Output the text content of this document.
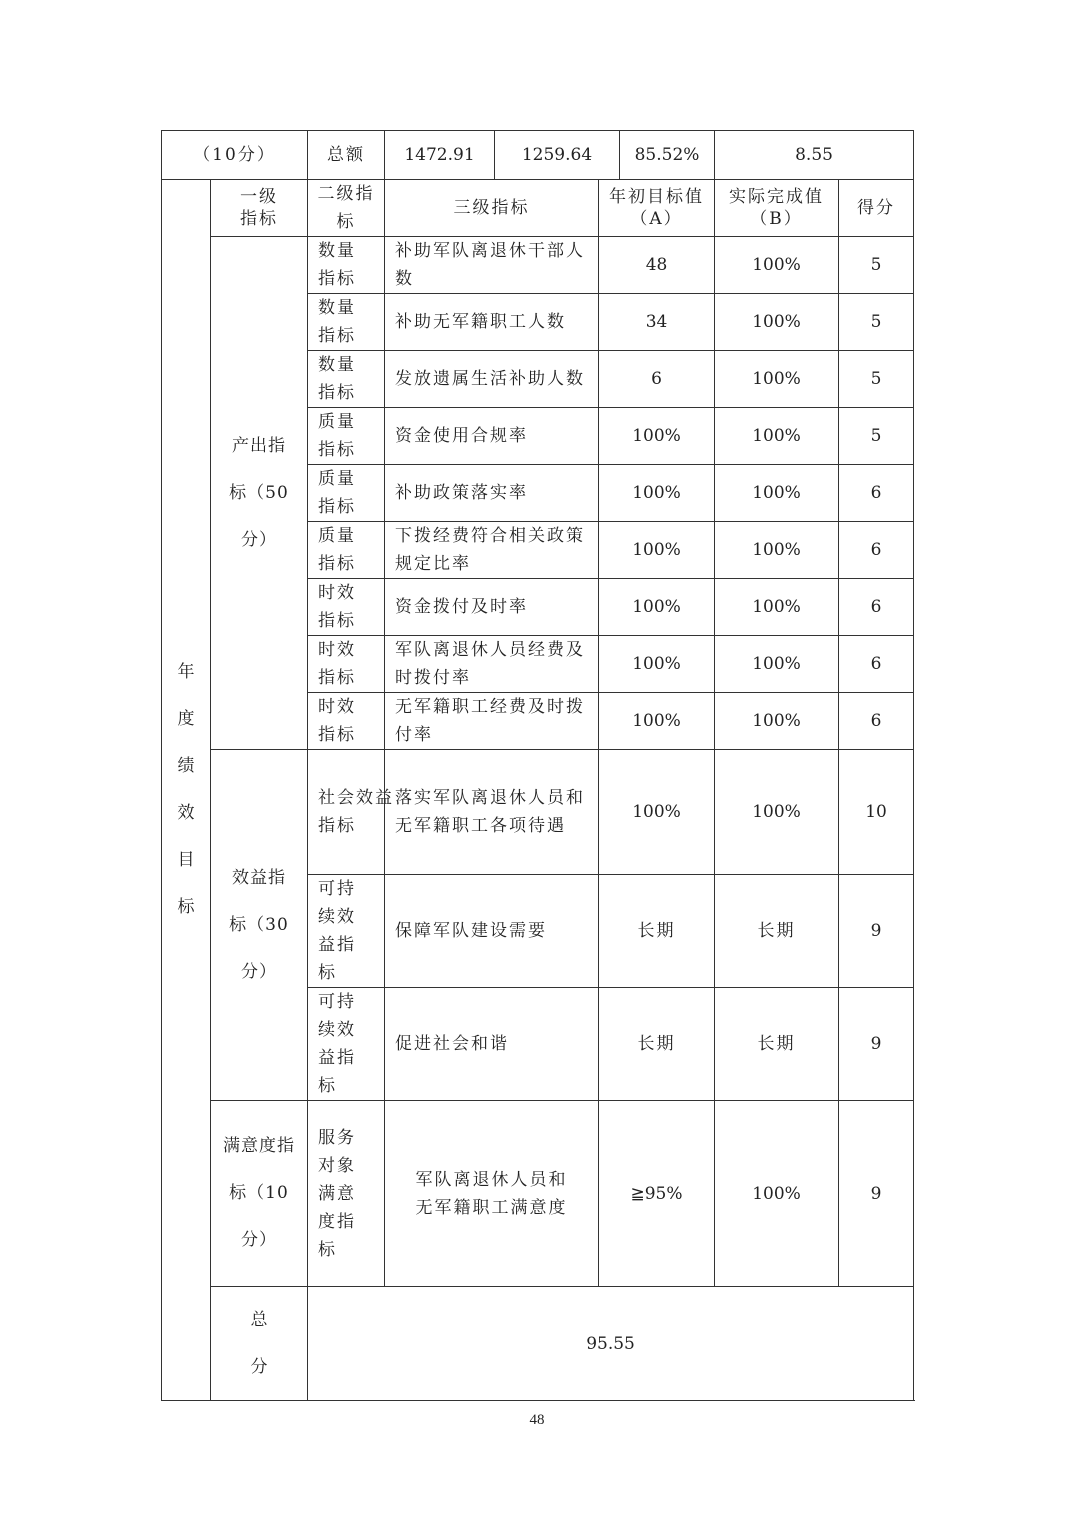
（10分）		总额	1472.91	1259.64		85.52%	8.55	

年度绩效目标	一级指标	二级指标	三级指标		年初目标值（A）		实际完成值（B）	得分

	产出指标（50分）	数量指标	补助军队离退休干部人数		48		100%	5
		数量指标	补助无军籍职工人数		34		100%	5
		数量指标	发放遗属生活补助人数		6		100%	5
		质量指标	资金使用合规率		100%		100%	5
		质量指标	补助政策落实率		100%		100%	6
		质量指标	下拨经费符合相关政策规定比率		100%		100%	6
		时效指标	资金拨付及时率		100%		100%	6
		时效指标	军队离退休人员经费及时拨付率		100%		100%	6
		时效指标	无军籍职工经费及时拨付率		100%		100%	6

	效益指标（30分）	社会效益指标	落实军队离退休人员和无军籍职工各项待遇		100%		100%	10
		可持续效益指标	保障军队建设需要		长期		长期	9
		可持续效益指标	促进社会和谐		长期		长期	9

	满意度指标（10分）	服务对象满意度指标	军队离退休人员和无军籍职工满意度		≧95%		100%	9

	总分	95.55						
48
